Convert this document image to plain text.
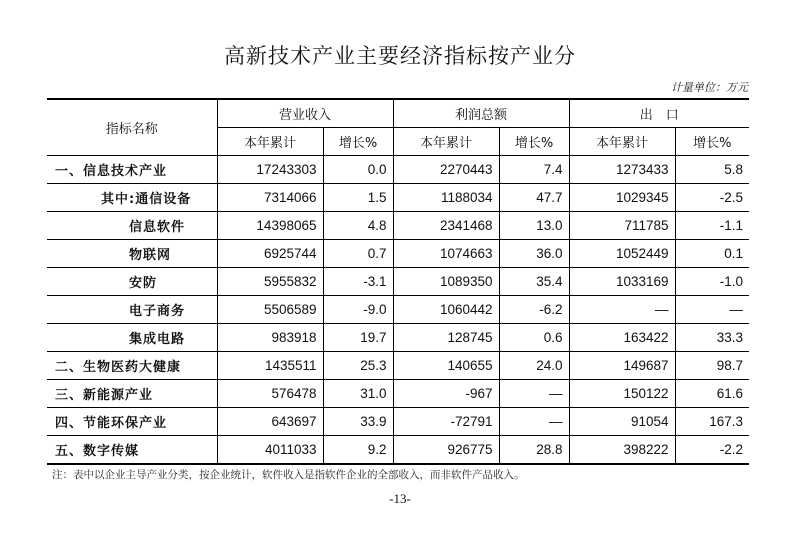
高新技术产业主要经济指标按产业分
计量单位：万元
指标名称	营业收入		利润总额		出　口	
	本年累计	增长%	本年累计	增长%	本年累计	增长%
一、信息技术产业	17243303	0.0	2270443	7.4	1273433	5.8
其中:通信设备	7314066	1.5	1188034	47.7	1029345	-2.5
信息软件	14398065	4.8	2341468	13.0	711785	-1.1
物联网	6925744	0.7	1074663	36.0	1052449	0.1
安防	5955832	-3.1	1089350	35.4	1033169	-1.0
电子商务	5506589	-9.0	1060442	-6.2	—	—
集成电路	983918	19.7	128745	0.6	163422	33.3
二、生物医药大健康	1435511	25.3	140655	24.0	149687	98.7
三、新能源产业	576478	31.0	-967	—	150122	61.6
四、节能环保产业	643697	33.9	-72791	—	91054	167.3
五、数字传媒	4011033	9.2	926775	28.8	398222	-2.2
注：表中以企业主导产业分类，按企业统计，软件收入是指软件企业的全部收入，而非软件产品收入。
-13-
